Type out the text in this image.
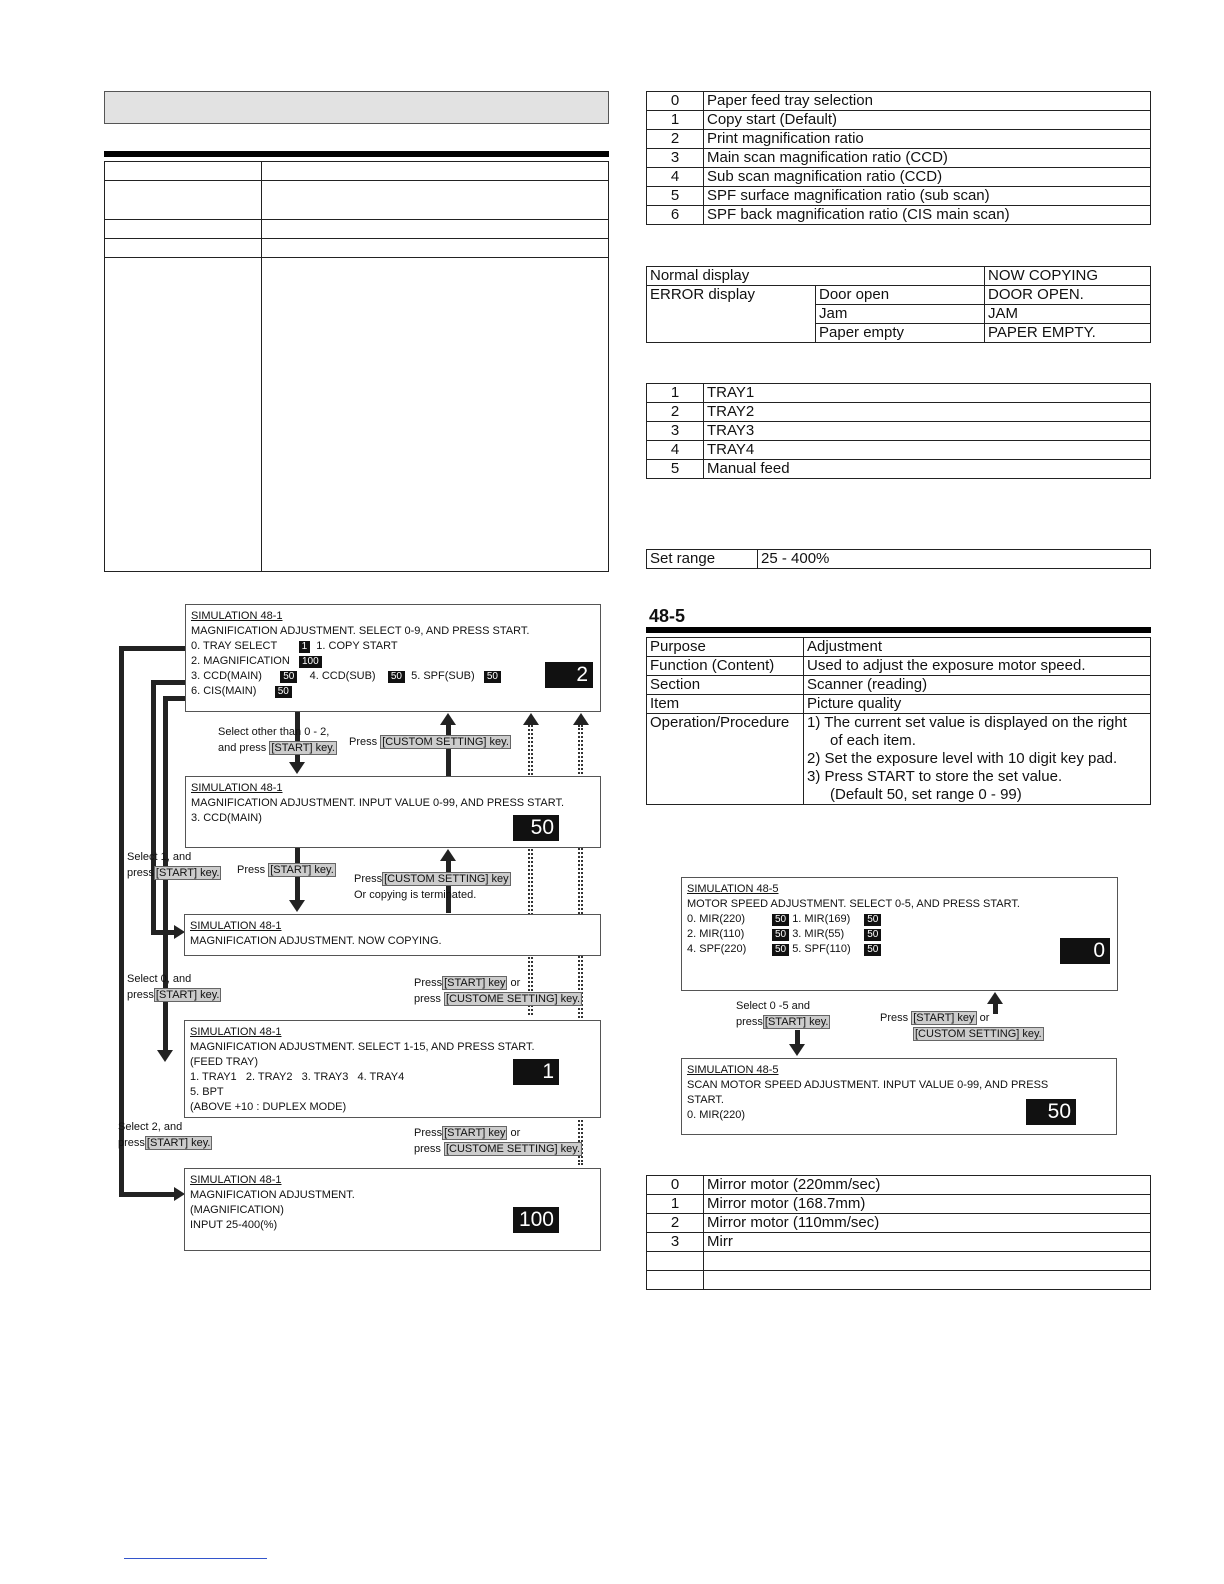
SIMULATION 48-1
MAGNIFICATION ADJUSTMENT. SELECT 0-9, AND PRESS START.
0. TRAY SELECT 1 1. COPY START
2. MAGNIFICATION 100
3. CCD(MAIN) 50 4. CCD(SUB) 50 5. SPF(SUB) 50
6. CIS(MAIN) 50
2
Select other than 0 - 2,
and press [START] key. Press [CUSTOM SETTING] key.
SIMULATION 48-1
MAGNIFICATION ADJUSTMENT. INPUT VALUE 0-99, AND PRESS START.
3. CCD(MAIN)	50
Select 1, and
press [START] key. Press [START] key.
Press [CUSTOM SETTING] key
Or copying is terminated.
SIMULATION 48-1
MAGNIFICATION ADJUSTMENT. NOW COPYING.
Select 0, and
press [START] key.
Press [START] key or
press [CUSTOME SETTING] key.
SIMULATION 48-1
MAGNIFICATION ADJUSTMENT. SELECT 1-15, AND PRESS START.
(FEED TRAY)
1. TRAY1   2. TRAY2   3. TRAY3   4. TRAY4
5. BPT
(ABOVE +10 : DUPLEX MODE)
1
Select 2, and
press [START] key.
Press [START] key or
press [CUSTOME SETTING] key.
SIMULATION 48-1
MAGNIFICATION ADJUSTMENT.
(MAGNIFICATION)
INPUT 25-400(%)	100
0	Paper feed tray selection
1	Copy start (Default)
2	Print magnification ratio
3	Main scan magnification ratio (CCD)
4	Sub scan magnification ratio (CCD)
5	SPF surface magnification ratio (sub scan)
6	SPF back magnification ratio (CIS main scan)
Normal display		NOW COPYING
ERROR display	Door open	DOOR OPEN.
	Jam	JAM
	Paper empty	PAPER EMPTY.
1	TRAY1
2	TRAY2
3	TRAY3
4	TRAY4
5	Manual feed
Set range	25 - 400%
48-5
Purpose	Adjustment
Function (Content)	Used to adjust the exposure motor speed.
Section	Scanner (reading)
Item	Picture quality
Operation/Procedure	1) The current set value is displayed on the right
of each item.
2) Set the exposure level with 10 digit key pad.
3) Press START to store the set value.
(Default 50, set range 0 - 99)
SIMULATION 48-5
MOTOR SPEED ADJUSTMENT. SELECT 0-5, AND PRESS START.
0. MIR(220)	50 1. MIR(169) 50
2. MIR(110)	50 3. MIR(55) 50
4. SPF(220)	50 5. SPF(110) 50	0
Select 0 -5 and
press [START] key.	Press [START] key or
[CUSTOM SETTING] key.
SIMULATION 48-5
SCAN MOTOR SPEED ADJUSTMENT. INPUT VALUE 0-99, AND PRESS
START.
0. MIR(220)	50
0	Mirror motor (220mm/sec)
1	Mirror motor (168.7mm)
2	Mirror motor (110mm/sec)
3	Mirr
